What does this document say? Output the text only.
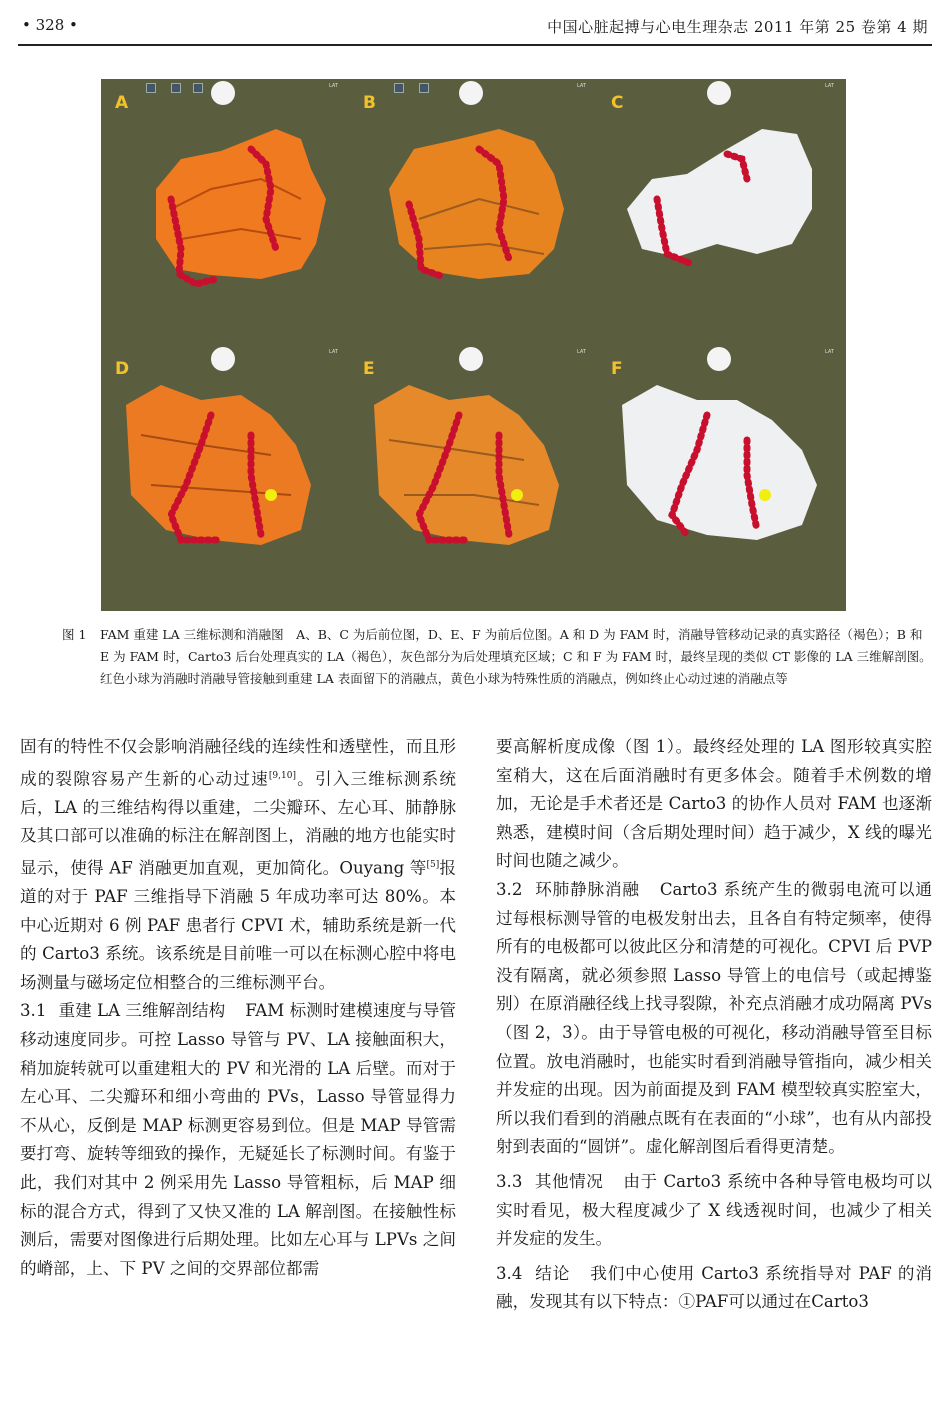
• 328 •	中国心脏起搏与心电生理杂志 2011 年第 25 卷第 4 期
A
LAT
B
LAT
C
LAT
D
LAT
E
LAT
F
LAT
图 1	FAM 重建 LA 三维标测和消融图　A、B、C 为后前位图，D、E、F 为前后位图。A 和 D 为 FAM 时，消融导管移动记录的真实路径（褐色）；B 和 E 为 FAM 时，Carto3 后台处理真实的 LA（褐色），灰色部分为后处理填充区域；C 和 F 为 FAM 时，最终呈现的类似 CT 影像的 LA 三维解剖图。红色小球为消融时消融导管接触到重建 LA 表面留下的消融点，黄色小球为特殊性质的消融点，例如终止心动过速的消融点等

固有的特性不仅会影响消融径线的连续性和透壁性，而且形成的裂隙容易产生新的心动过速[9,10]。引入三维标测系统后，LA 的三维结构得以重建，二尖瓣环、左心耳、肺静脉及其口部可以准确的标注在解剖图上，消融的地方也能实时显示，使得 AF 消融更加直观，更加简化。Ouyang 等[5]报道的对于 PAF 三维指导下消融 5 年成功率可达 80%。本中心近期对 6 例 PAF 患者行 CPVI 术，辅助系统是新一代的 Carto3 系统。该系统是目前唯一可以在标测心腔中将电场测量与磁场定位相整合的三维标测平台。

3.1 重建 LA 三维解剖结构 FAM 标测时建模速度与导管移动速度同步。可控 Lasso 导管与 PV、LA 接触面积大，稍加旋转就可以重建粗大的 PV 和光滑的 LA 后壁。而对于左心耳、二尖瓣环和细小弯曲的 PVs，Lasso 导管显得力不从心，反倒是 MAP 标测更容易到位。但是 MAP 导管需要打弯、旋转等细致的操作，无疑延长了标测时间。有鉴于此，我们对其中 2 例采用先 Lasso 导管粗标，后 MAP 细标的混合方式，得到了又快又准的 LA 解剖图。在接触性标测后，需要对图像进行后期处理。比如左心耳与 LPVs 之间的嵴部，上、下 PV 之间的交界部位都需

要高解析度成像（图 1）。最终经处理的 LA 图形较真实腔室稍大，这在后面消融时有更多体会。随着手术例数的增加，无论是手术者还是 Carto3 的协作人员对 FAM 也逐渐熟悉，建模时间（含后期处理时间）趋于减少，X 线的曝光时间也随之减少。

3.2 环肺静脉消融 Carto3 系统产生的微弱电流可以通过每根标测导管的电极发射出去，且各自有特定频率，使得所有的电极都可以彼此区分和清楚的可视化。CPVI 后 PVP 没有隔离，就必须参照 Lasso 导管上的电信号（或起搏鉴别）在原消融径线上找寻裂隙，补充点消融才成功隔离 PVs（图 2，3）。由于导管电极的可视化，移动消融导管至目标位置。放电消融时，也能实时看到消融导管指向，减少相关并发症的出现。因为前面提及到 FAM 模型较真实腔室大，所以我们看到的消融点既有在表面的“小球”，也有从内部投射到表面的“圆饼”。虚化解剖图后看得更清楚。

3.3 其他情况 由于 Carto3 系统中各种导管电极均可以实时看见，极大程度减少了 X 线透视时间，也减少了相关并发症的发生。

3.4 结论 我们中心使用 Carto3 系统指导对 PAF 的消融，发现其有以下特点：①PAF可以通过在Carto3
